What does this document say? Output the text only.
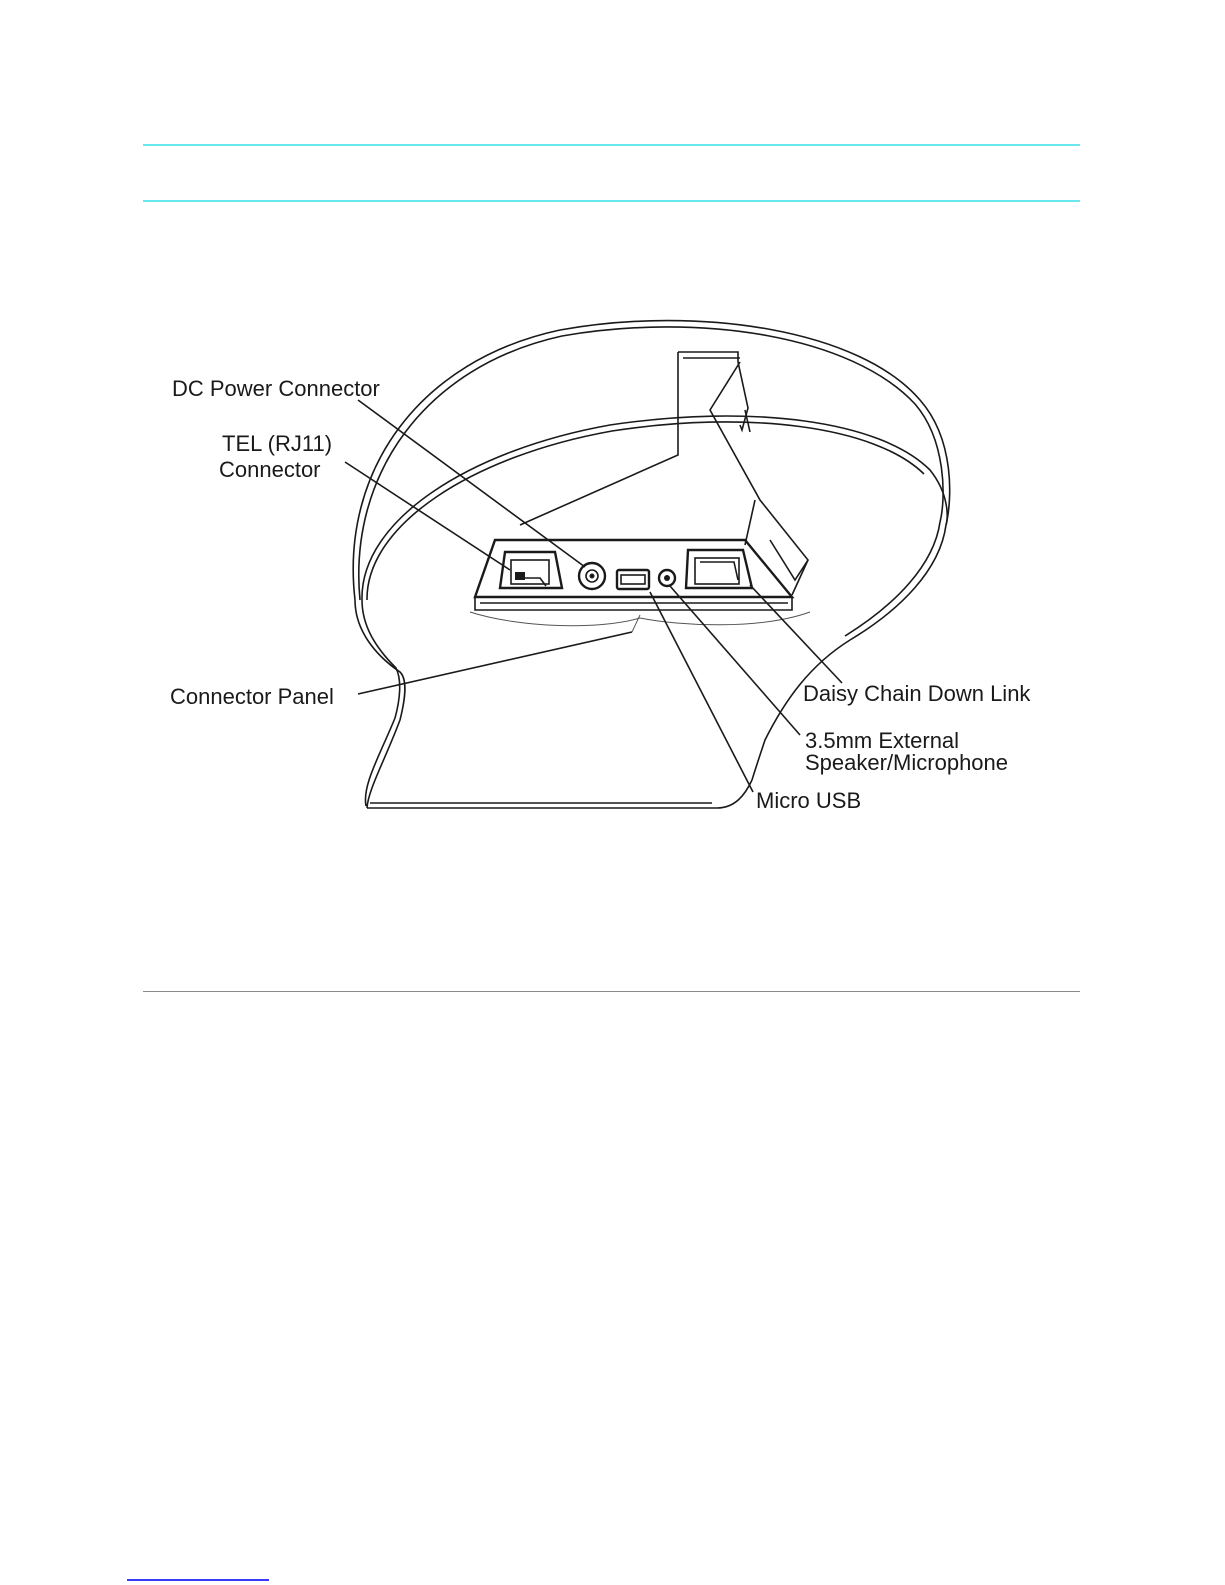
DC Power Connector
TEL (RJ11)
Connector
Connector Panel	Daisy Chain Down Link
3.5mm External
Speaker/Microphone
Micro USB
